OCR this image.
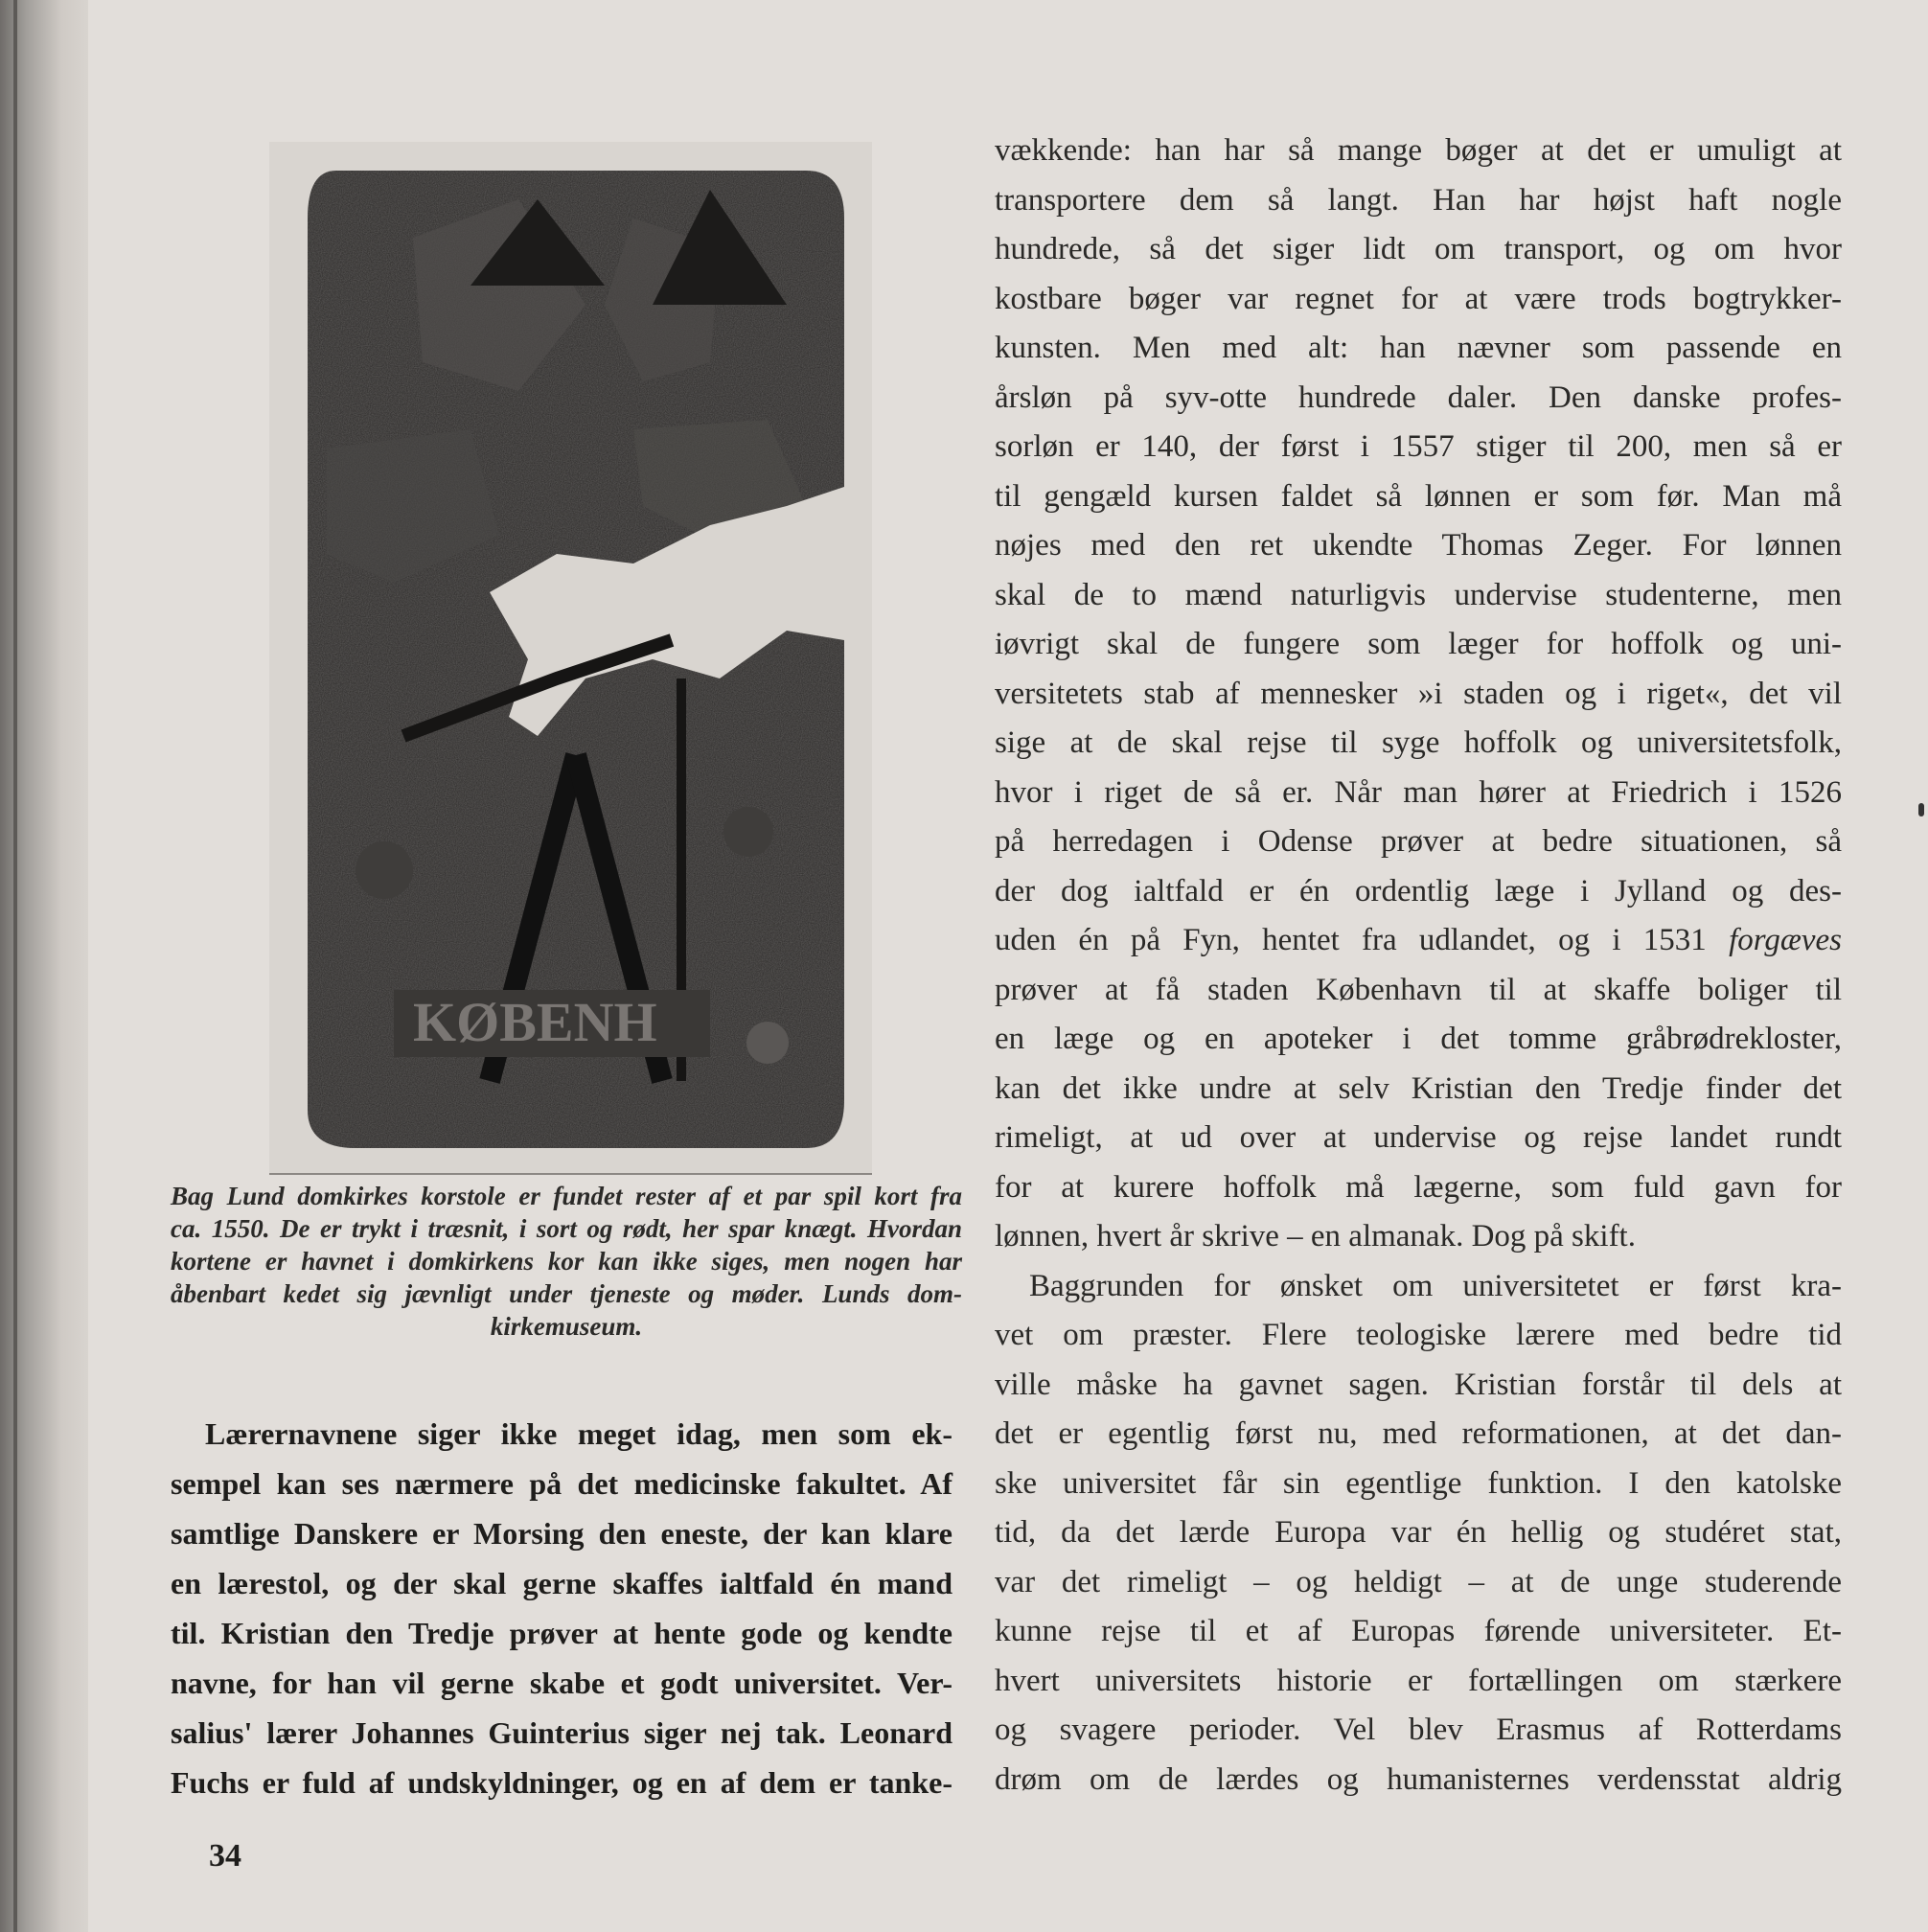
KØBENH
Bag Lund domkirkes korstole er fundet rester af et par spil kort fra
ca. 1550. De er trykt i træsnit, i sort og rødt, her spar knægt. Hvordan
kortene er havnet i domkirkens kor kan ikke siges, men nogen har
åbenbart kedet sig jævnligt under tjeneste og møder. Lunds dom-
kirkemuseum.
Lærernavnene siger ikke meget idag, men som ek-
sempel kan ses nærmere på det medicinske fakultet. Af
samtlige Danskere er Morsing den eneste, der kan klare
en lærestol, og der skal gerne skaffes ialtfald én mand
til. Kristian den Tredje prøver at hente gode og kendte
navne, for han vil gerne skabe et godt universitet. Ver-
salius' lærer Johannes Guinterius siger nej tak. Leonard
Fuchs er fuld af undskyldninger, og en af dem er tanke-
vækkende: han har så mange bøger at det er umuligt at
transportere dem så langt. Han har højst haft nogle
hundrede, så det siger lidt om transport, og om hvor
kostbare bøger var regnet for at være trods bogtrykker-
kunsten. Men med alt: han nævner som passende en
årsløn på syv-otte hundrede daler. Den danske profes-
sorløn er 140, der først i 1557 stiger til 200, men så er
til gengæld kursen faldet så lønnen er som før. Man må
nøjes med den ret ukendte Thomas Zeger. For lønnen
skal de to mænd naturligvis undervise studenterne, men
iøvrigt skal de fungere som læger for hoffolk og uni-
versitetets stab af mennesker »i staden og i riget«, det vil
sige at de skal rejse til syge hoffolk og universitetsfolk,
hvor i riget de så er. Når man hører at Friedrich i 1526
på herredagen i Odense prøver at bedre situationen, så
der dog ialtfald er én ordentlig læge i Jylland og des-
uden én på Fyn, hentet fra udlandet, og i 1531 forgæves
prøver at få staden København til at skaffe boliger til
en læge og en apoteker i det tomme gråbrødrekloster,
kan det ikke undre at selv Kristian den Tredje finder det
rimeligt, at ud over at undervise og rejse landet rundt
for at kurere hoffolk må lægerne, som fuld gavn for
lønnen, hvert år skrive – en almanak. Dog på skift.
Baggrunden for ønsket om universitetet er først kra-
vet om præster. Flere teologiske lærere med bedre tid
ville måske ha gavnet sagen. Kristian forstår til dels at
det er egentlig først nu, med reformationen, at det dan-
ske universitet får sin egentlige funktion. I den katolske
tid, da det lærde Europa var én hellig og studéret stat,
var det rimeligt – og heldigt – at de unge studerende
kunne rejse til et af Europas førende universiteter. Et-
hvert universitets historie er fortællingen om stærkere
og svagere perioder. Vel blev Erasmus af Rotterdams
drøm om de lærdes og humanisternes verdensstat aldrig
34
